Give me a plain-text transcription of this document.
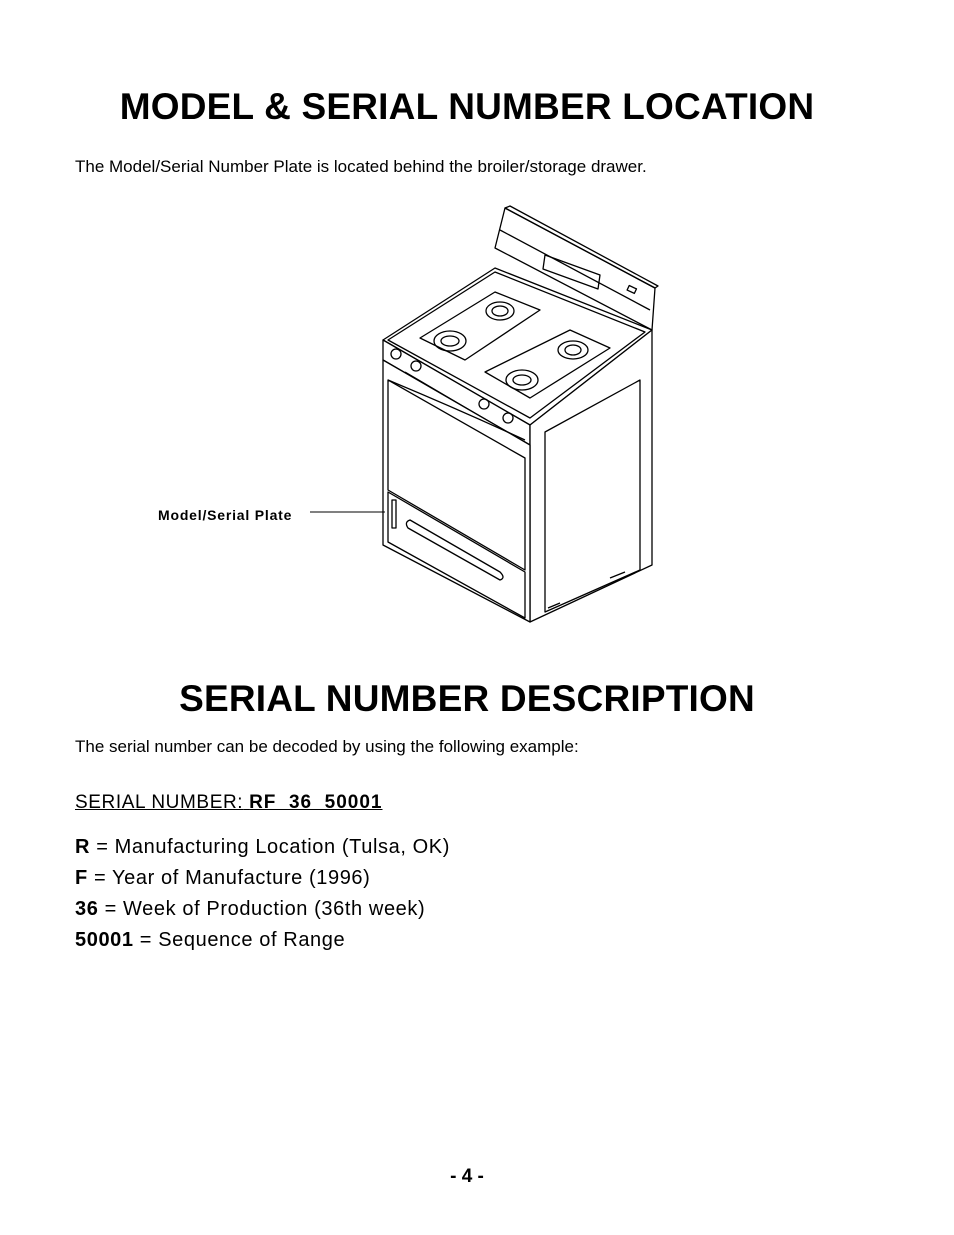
MODEL & SERIAL NUMBER LOCATION
The Model/Serial Number Plate is located behind the broiler/storage drawer.
Model/Serial Plate
SERIAL NUMBER DESCRIPTION
The serial number can be decoded by using the following example:
SERIAL NUMBER: RF  36  50001
R = Manufacturing Location (Tulsa, OK)
F = Year of Manufacture (1996)
36 = Week of Production (36th week)
50001 = Sequence of Range
- 4 -
